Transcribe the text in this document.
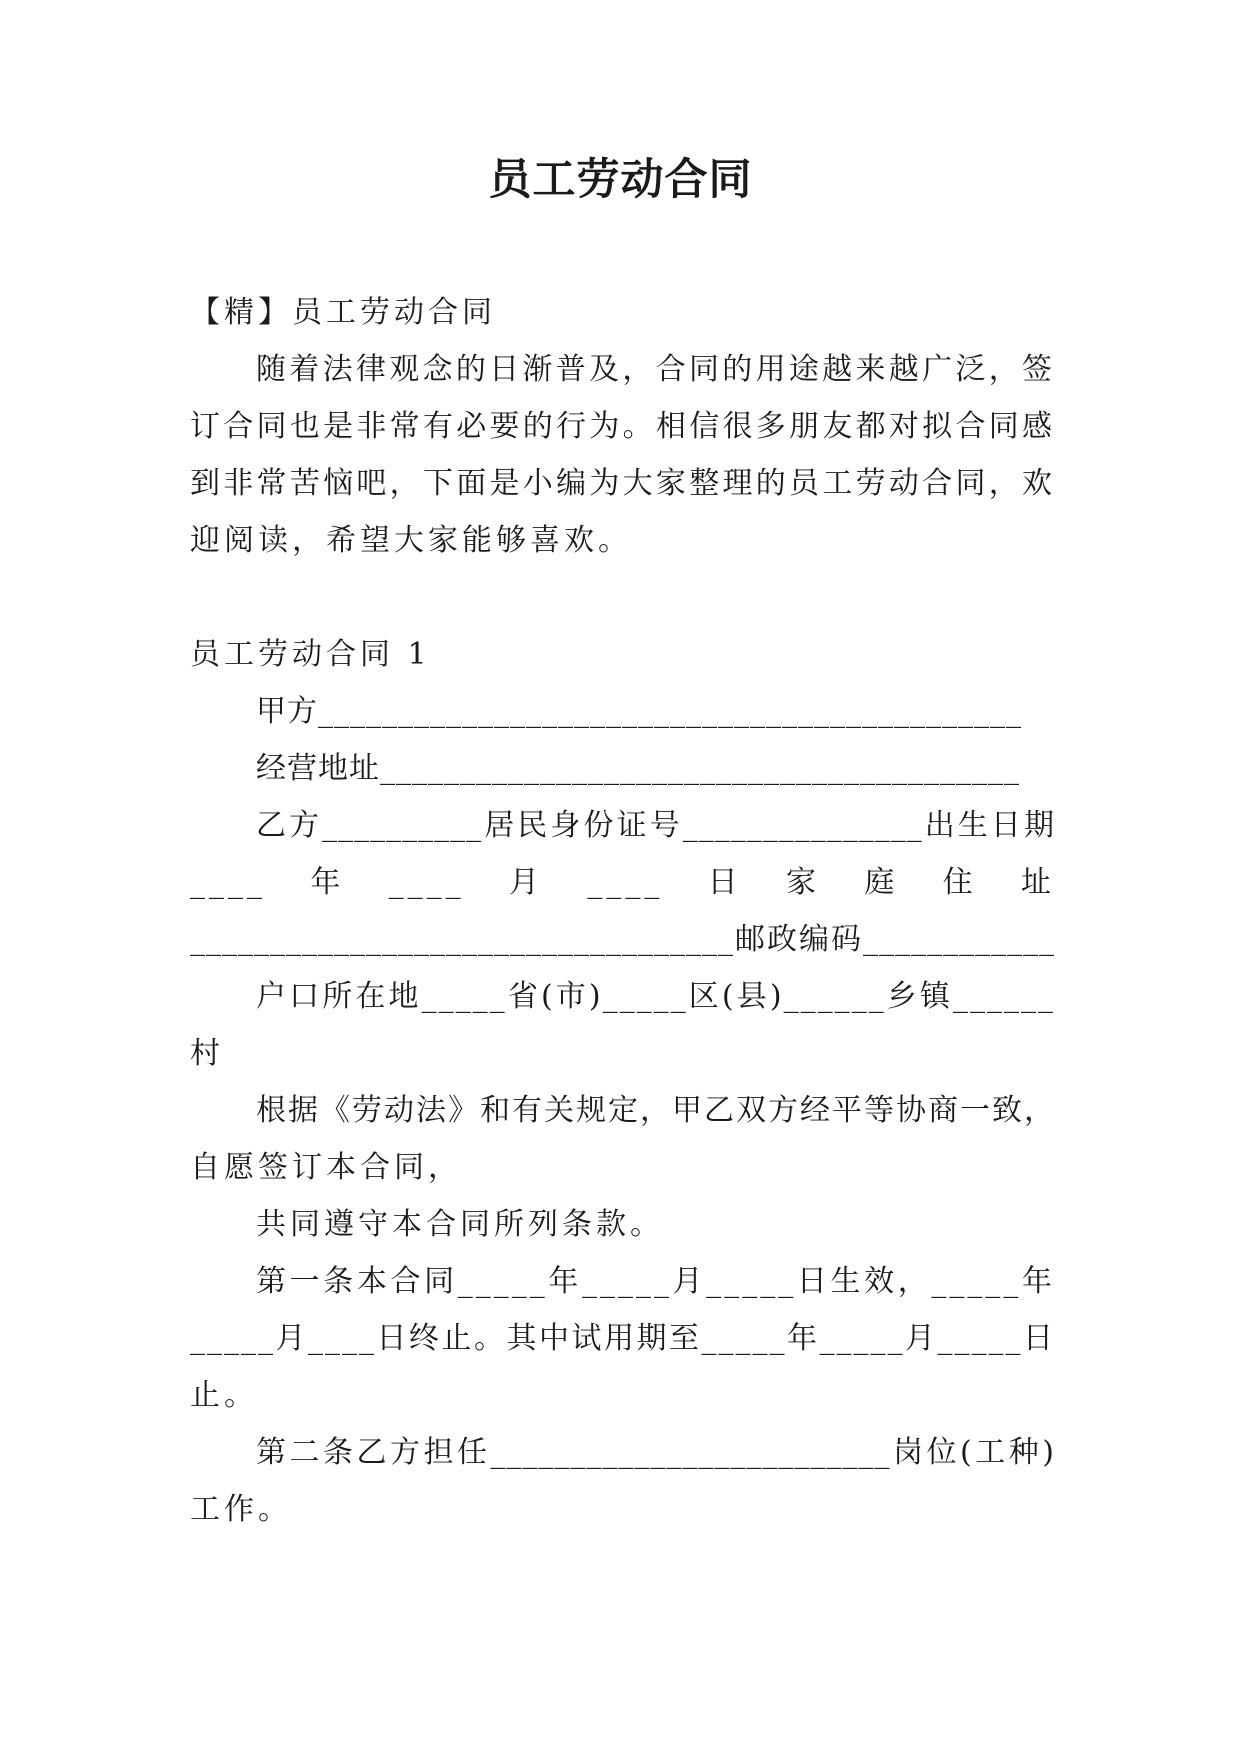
员工劳动合同

【精】员工劳动合同

随着法律观念的日渐普及，合同的用途越来越广泛，签

订合同也是非常有必要的行为。相信很多朋友都对拟合同感

到非常苦恼吧，下面是小编为大家整理的员工劳动合同，欢

迎阅读，希望大家能够喜欢。

员工劳动合同 1

甲方____________________________________________

经营地址________________________________________

乙方__________居民身份证号_______________出生日期

____　年　____　月　____　日　家　庭　住　址

__________________________________邮政编码____________

户口所在地_____省(市)_____区(县)______乡镇______

村

根据《劳动法》和有关规定，甲乙双方经平等协商一致，

自愿签订本合同，

共同遵守本合同所列条款。

第一条本合同_____年_____月_____日生效，_____年

_____月____日终止。其中试用期至_____年_____月_____日

止。

第二条乙方担任_________________________岗位(工种)

工作。
